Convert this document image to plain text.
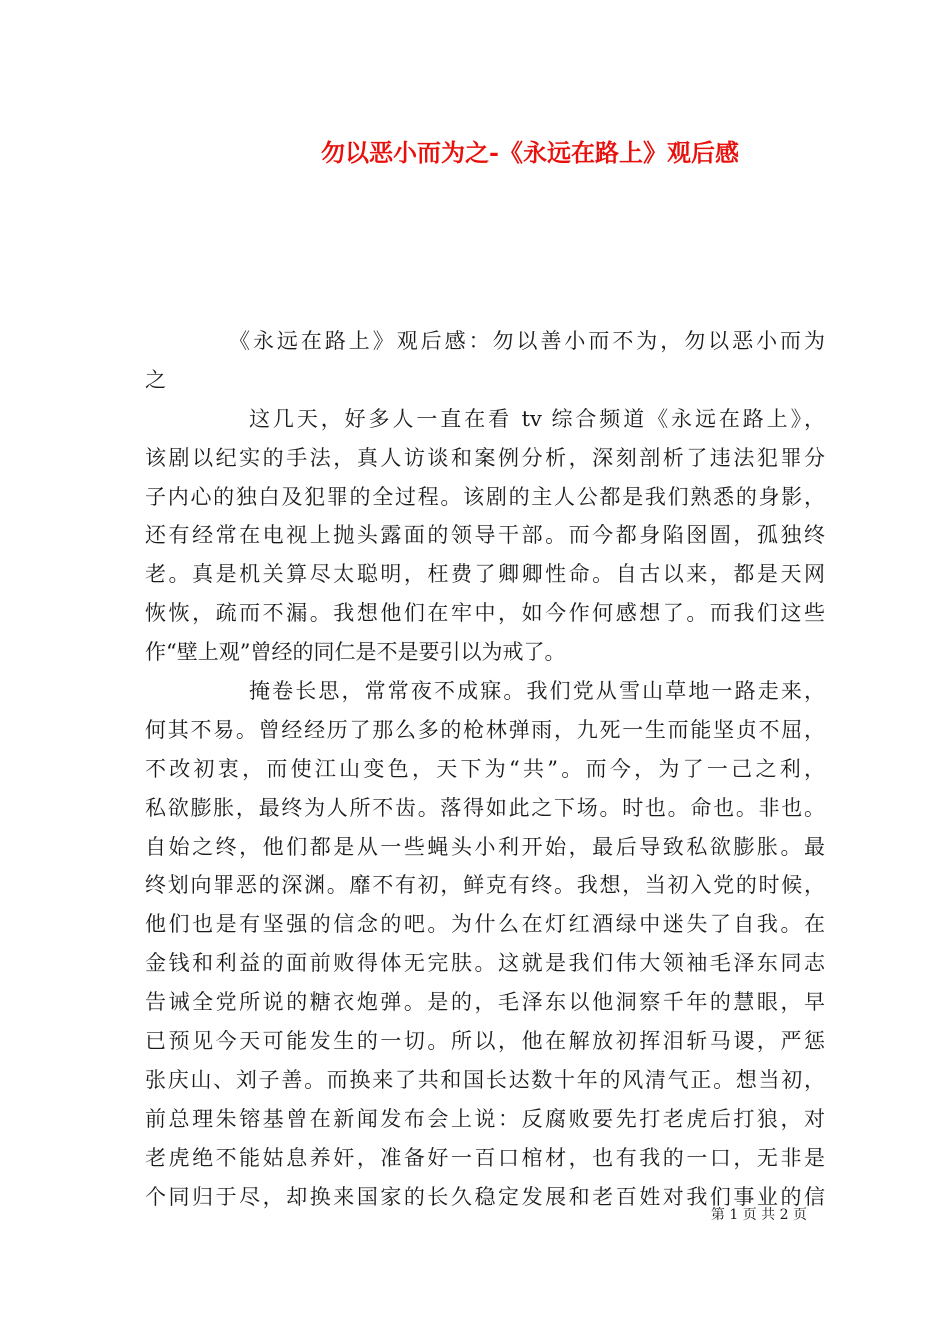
勿以恶小而为之-《永远在路上》观后感
《永远在路上》观后感：勿以善小而不为，勿以恶小而为
之
这几天，好多人一直在看 tv 综合频道《永远在路上》，
该剧以纪实的手法，真人访谈和案例分析，深刻剖析了违法犯罪分
子内心的独白及犯罪的全过程。该剧的主人公都是我们熟悉的身影，
还有经常在电视上抛头露面的领导干部。而今都身陷囹圄，孤独终
老。真是机关算尽太聪明，枉费了卿卿性命。自古以来，都是天网
恢恢，疏而不漏。我想他们在牢中，如今作何感想了。而我们这些
作“壁上观”曾经的同仁是不是要引以为戒了。
掩卷长思，常常夜不成寐。我们党从雪山草地一路走来，
何其不易。曾经经历了那么多的枪林弹雨，九死一生而能坚贞不屈，
不改初衷，而使江山变色，天下为“共”。而今，为了一己之利，
私欲膨胀，最终为人所不齿。落得如此之下场。时也。命也。非也。
自始之终，他们都是从一些蝇头小利开始，最后导致私欲膨胀。最
终划向罪恶的深渊。靡不有初，鲜克有终。我想，当初入党的时候，
他们也是有坚强的信念的吧。为什么在灯红酒绿中迷失了自我。在
金钱和利益的面前败得体无完肤。这就是我们伟大领袖毛泽东同志
告诫全党所说的糖衣炮弹。是的，毛泽东以他洞察千年的慧眼，早
已预见今天可能发生的一切。所以，他在解放初挥泪斩马谡，严惩
张庆山、刘子善。而换来了共和国长达数十年的风清气正。想当初，
前总理朱镕基曾在新闻发布会上说：反腐败要先打老虎后打狼，对
老虎绝不能姑息养奸，准备好一百口棺材，也有我的一口，无非是
个同归于尽，却换来国家的长久稳定发展和老百姓对我们事业的信
第 1 页 共 2 页
